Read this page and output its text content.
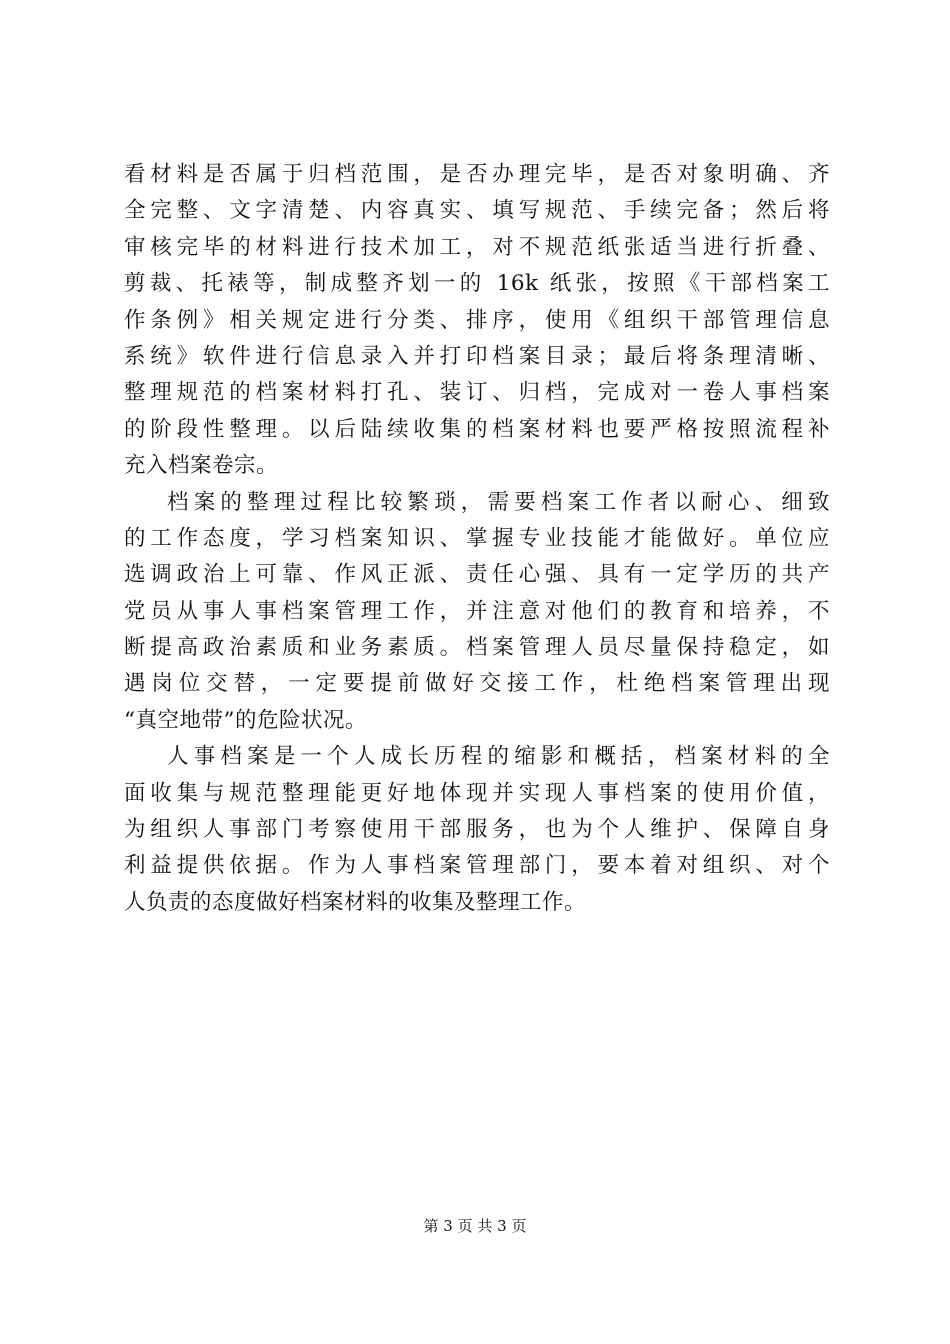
看材料是否属于归档范围，是否办理完毕，是否对象明确、齐
全完整、文字清楚、内容真实、填写规范、手续完备；然后将
审核完毕的材料进行技术加工，对不规范纸张适当进行折叠、
剪裁、托裱等，制成整齐划一的 16k 纸张，按照《干部档案工
作条例》相关规定进行分类、排序，使用《组织干部管理信息
系统》软件进行信息录入并打印档案目录；最后将条理清晰、
整理规范的档案材料打孔、装订、归档，完成对一卷人事档案
的阶段性整理。以后陆续收集的档案材料也要严格按照流程补
充入档案卷宗。
档案的整理过程比较繁琐，需要档案工作者以耐心、细致
的工作态度，学习档案知识、掌握专业技能才能做好。单位应
选调政治上可靠、作风正派、责任心强、具有一定学历的共产
党员从事人事档案管理工作，并注意对他们的教育和培养，不
断提高政治素质和业务素质。档案管理人员尽量保持稳定，如
遇岗位交替，一定要提前做好交接工作，杜绝档案管理出现
“真空地带”的危险状况。
人事档案是一个人成长历程的缩影和概括，档案材料的全
面收集与规范整理能更好地体现并实现人事档案的使用价值，
为组织人事部门考察使用干部服务，也为个人维护、保障自身
利益提供依据。作为人事档案管理部门，要本着对组织、对个
人负责的态度做好档案材料的收集及整理工作。
第 3 页 共 3 页
